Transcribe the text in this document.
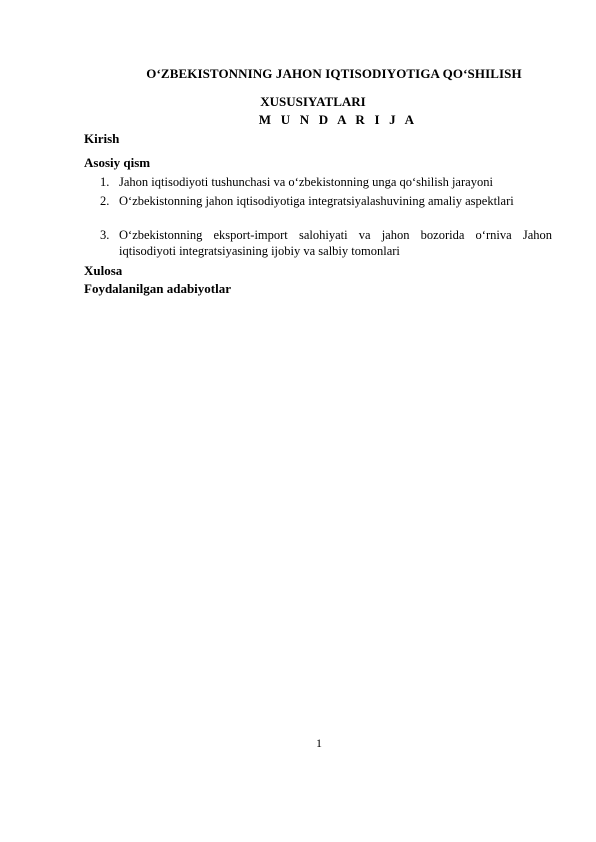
O‘ZBEKISTONNING JAHON IQTISODIYOTIGA QO‘SHILISH
XUSUSIYATLARI
M U N D A R I J A
Kirish
Asosiy qism
1. Jahon iqtisodiyoti tushunchasi va o‘zbekistonning unga qo‘shilish jarayoni
2. O‘zbekistonning jahon iqtisodiyotiga integratsiyalashuvining amaliy aspektlari
3. O‘zbekistonning eksport-import salohiyati va jahon bozorida o‘rniva Jahon iqtisodiyoti integratsiyasining ijobiy va salbiy tomonlari
Xulosa
Foydalanilgan adabiyotlar
1
